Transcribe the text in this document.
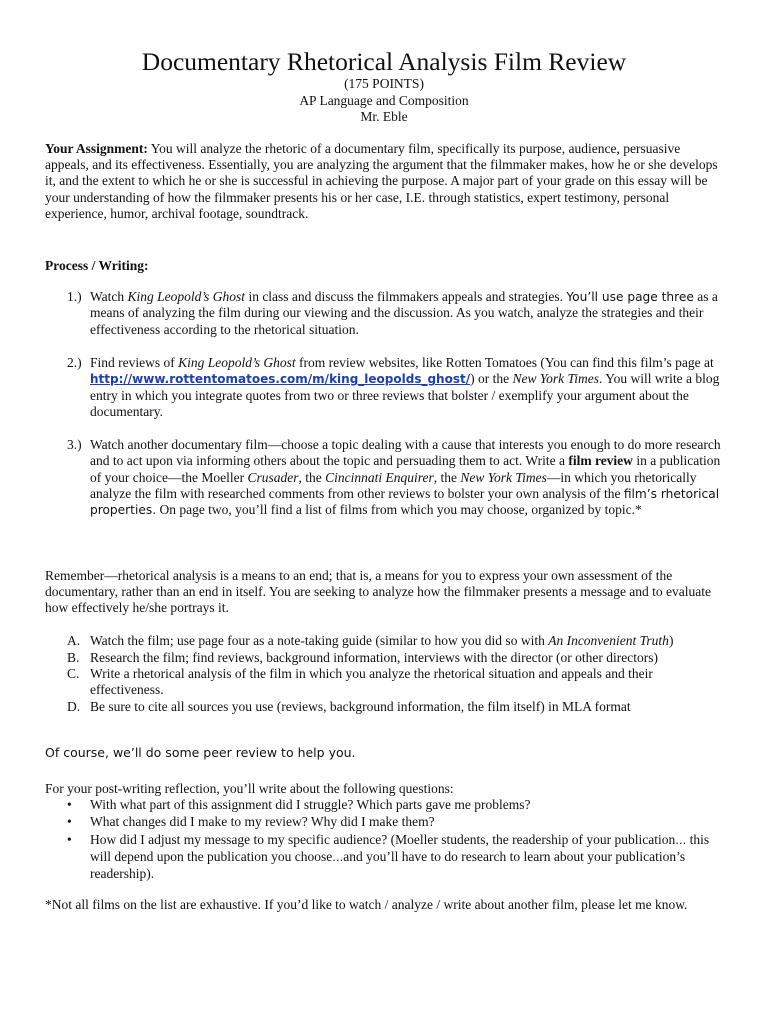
Documentary Rhetorical Analysis Film Review
(175 POINTS)
AP Language and Composition
Mr. Eble
Your Assignment: You will analyze the rhetoric of a documentary film, specifically its purpose, audience, persuasive appeals, and its effectiveness. Essentially, you are analyzing the argument that the filmmaker makes, how he or she develops it, and the extent to which he or she is successful in achieving the purpose. A major part of your grade on this essay will be your understanding of how the filmmaker presents his or her case, I.E. through statistics, expert testimony, personal experience, humor, archival footage, soundtrack.
Process / Writing:
1.) Watch King Leopold’s Ghost in class and discuss the filmmakers appeals and strategies. You’ll use page three as a means of analyzing the film during our viewing and the discussion. As you watch, analyze the strategies and their effectiveness according to the rhetorical situation.
2.) Find reviews of King Leopold’s Ghost from review websites, like Rotten Tomatoes (You can find this film’s page at http://www.rottentomatoes.com/m/king_leopolds_ghost/) or the New York Times. You will write a blog entry in which you integrate quotes from two or three reviews that bolster / exemplify your argument about the documentary.
3.) Watch another documentary film—choose a topic dealing with a cause that interests you enough to do more research and to act upon via informing others about the topic and persuading them to act. Write a film review in a publication of your choice—the Moeller Crusader, the Cincinnati Enquirer, the New York Times—in which you rhetorically analyze the film with researched comments from other reviews to bolster your own analysis of the film’s rhetorical properties. On page two, you’ll find a list of films from which you may choose, organized by topic.*
Remember—rhetorical analysis is a means to an end; that is, a means for you to express your own assessment of the documentary, rather than an end in itself. You are seeking to analyze how the filmmaker presents a message and to evaluate how effectively he/she portrays it.
A. Watch the film; use page four as a note-taking guide (similar to how you did so with An Inconvenient Truth)
B. Research the film; find reviews, background information, interviews with the director (or other directors)
C. Write a rhetorical analysis of the film in which you analyze the rhetorical situation and appeals and their effectiveness.
D. Be sure to cite all sources you use (reviews, background information, the film itself) in MLA format
Of course, we’ll do some peer review to help you.
For your post-writing reflection, you’ll write about the following questions:
• With what part of this assignment did I struggle? Which parts gave me problems?
• What changes did I make to my review? Why did I make them?
• How did I adjust my message to my specific audience? (Moeller students, the readership of your publication… this will depend upon the publication you choose…and you’ll have to do research to learn about your publication’s readership).
*Not all films on the list are exhaustive. If you’d like to watch / analyze / write about another film, please let me know.
